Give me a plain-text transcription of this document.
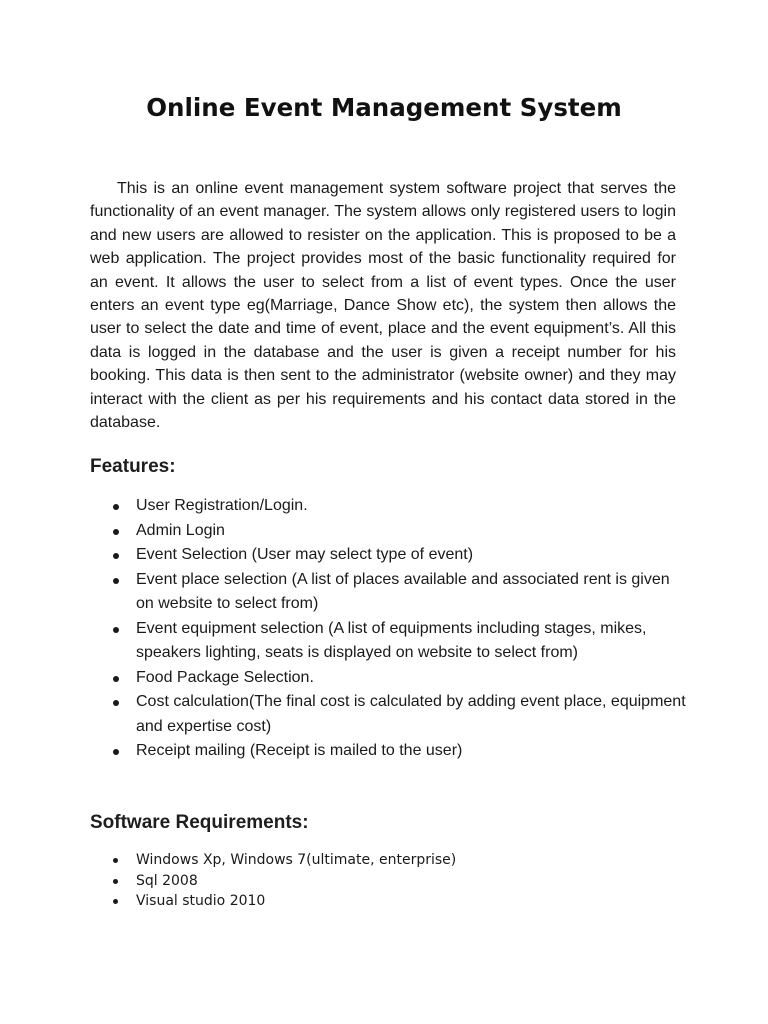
Online Event Management System

This is an online event management system software project that serves the functionality of an event manager. The system allows only registered users to login and new users are allowed to resister on the application. This is proposed to be a web application. The project provides most of the basic functionality required for an event. It allows the user to select from a list of event types. Once the user enters an event type eg(Marriage, Dance Show etc), the system then allows the user to select the date and time of event, place and the event equipment’s. All this data is logged in the database and the user is given a receipt number for his booking. This data is then sent to the administrator (website owner) and they may interact with the client as per his requirements and his contact data stored in the database.

Features:
User Registration/Login.
Admin Login
Event Selection (User may select type of event)
Event place selection (A list of places available and associated rent is given on website to select from)
Event equipment selection (A list of equipments including stages, mikes, speakers lighting, seats is displayed on website to select from)
Food Package Selection.
Cost calculation(The final cost is calculated by adding event place, equipment and expertise cost)
Receipt mailing (Receipt is mailed to the user)
Software Requirements:
Windows Xp, Windows 7(ultimate, enterprise)
Sql 2008
Visual studio 2010
